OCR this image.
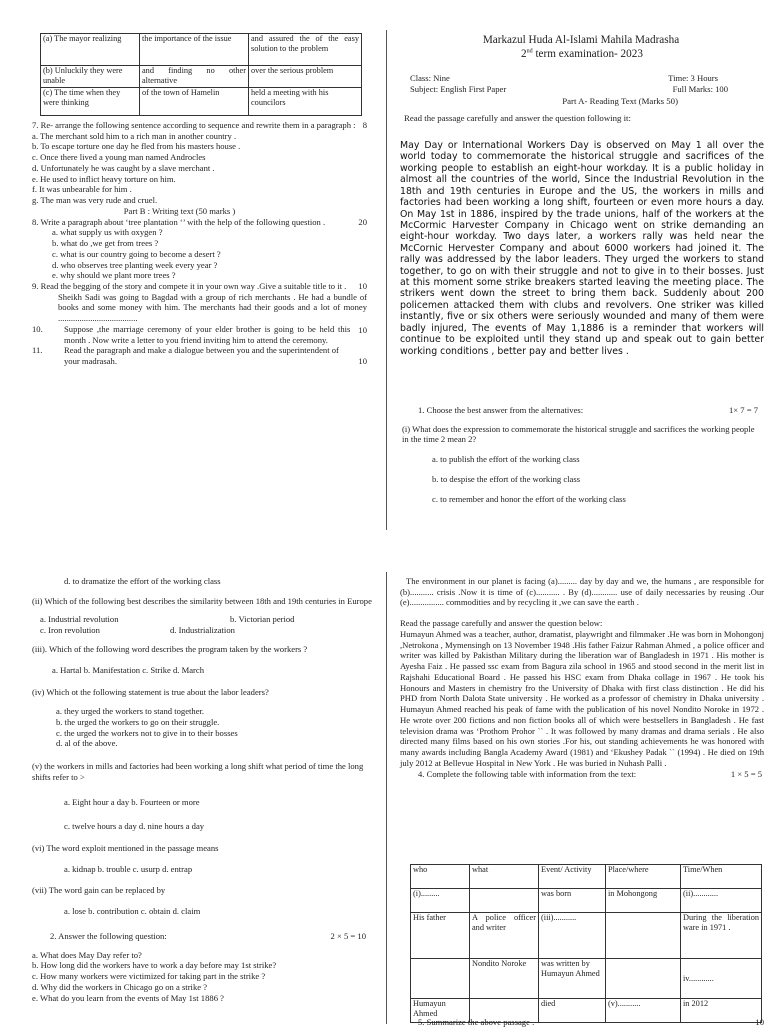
(a) The mayor realizing	the importance of the issue	and assured the of the easy solution to the problem
(b) Unluckily they were unable	and finding no other alternative	over the serious problem
(c) The time when they were thinking	of the town of Hamelin	held a meeting with his councilors

7. Re- arrange the following sentence according to sequence and rewrite them in a paragraph : 8

a. The merchant sold him to a rich man in another country .

b. To escape torture one day he fled from his masters house .

c. Once there lived a young man named Androcles

d. Unfortunately he was caught by a slave merchant .

e. He used to inflict heavy torture on him.

f. It was unbearable for him .

g. The man was very rude and cruel.

Part B : Writing text (50 marks )

8. Write a paragraph about ‘tree plantation ‘’ with the help of the following question .	20

a. what supply us with oxygen ?

b. what do ,we get from trees ?

c. what is our country going to become a desert ?

d. who observes tree planting week every year ?

e. why should we plant more trees ?

9. Read the begging of the story and compete it in your own way .Give a suitable title to it . 10

Sheikh Sadi was going to Bagdad with a group of rich merchants . He had a bundle of books and some money with him. The merchants had their goods and a lot of money .....................................

10.	Suppose ,the marriage ceremony of your elder brother is going to be held this month . Now write a letter to you friend inviting him to attend the ceremony.
10
11.	Read the paragraph and make a dialogue between you and the superintendent of your madrasah.	10

Markazul Huda Al-Islami Mahila Madrasha

2nd term examination- 2023

Class: Nine	Time: 3 Hours
Subject: English First Paper	Full Marks: 100

Part A- Reading Text (Marks 50)

Read the passage carefully and answer the question following it:

May Day or International Workers Day is observed on May 1 all over the world today to commemorate the historical struggle and sacrifices of the working people to establish an eight-hour workday. It is a public holiday in almost all the countries of the world, Since the Industrial Revolution in the 18th and 19th centuries in Europe and the US, the workers in mills and factories had been working a long shift, fourteen or even more hours a day. On May 1st in 1886, inspired by the trade unions, half of the workers at the McCormic Harvester Company in Chicago went on strike demanding an eight-hour workday. Two days later, a workers rally was held near the McCornic Hervester Company and about 6000 workers had joined it. The rally was addressed by the labor leaders. They urged the workers to stand together, to go on with their struggle and not to give in to their bosses. Just at this moment some strike breakers started leaving the meeting place. The strikers went down the street to bring them back. Suddenly about 200 policemen attacked them with clubs and revolvers. One striker was killed instantly, five or six others were seriously wounded and many of them were badly injured, The events of May 1,1886 is a reminder that workers will continue to be exploited until they stand up and speak out to gain better working conditions , better pay and better lives .
1. Choose the best answer from the alternatives:	1× 7 = 7

(i) What does the expression to commemorate the historical struggle and sacrifices the working people in the time 2 mean 2?

a. to publish the effort of the working class

b. to despise the effort of the working class

c. to remember and honor the effort of the working class

d. to dramatize the effort of the working class

(ii) Which of the following best describes the similarity between 18th and 19th centuries in Europe

a. Industrial revolution	b. Victorian period
c. Iron revolution	d. Industrialization

(iii). Which of the following word describes the program taken by the workers ?

a. Hartal b. Manifestation c. Strike d. March

(iv) Which ot the following statement is true about the labor leaders?

a. they urged the workers to stand together.

b. the urged the workers to go on their struggle.

c. the urged the workers not to give in to their bosses

d. al of the above.

(v) the workers in mills and factories had been working a long shift what period of time the long shifts refer to >

a. Eight hour a day b. Fourteen or more

c. twelve hours a day d. nine hours a day

(vi) The word exploit mentioned in the passage means

a. kidnap b. trouble c. usurp d. entrap

(vii) The word gain can be replaced by

a. lose b. contribution c. obtain d. claim

2. Answer the following question:	2 × 5 = 10

a. What does May Day refer to?

b. How long did the workers have to work a day before may 1st strike?

c. How many workers were victimized for taking part in the strike ?

d. Why did the workers in Chicago go on a strike ?

e. What do you learn from the events of May 1st 1886 ?

The environment in our planet is facing (a)......... day by day and we, the humans , are responsible for (b)........... crisis .Now it is time of (c)........... . By (d)............ use of daily necessaries by reusing .Our (e)................ commodities and by recycling it ,we can save the earth .

Read the passage carefully and answer the question below:

Humayun Ahmed was a teacher, author, dramatist, playwright and filmmaker .He was born in Mohongonj ,Netrokona , Mymensingh on 13 November 1948 .His father Faizur Rahman Ahmed , a police officer and writer was killed by Pakisthan Military during the liberation war of Bangladesh in 1971 . His mother is Ayesha Faiz . He passed ssc exam from Bagura zila school in 1965 and stood second in the merit list in Rajshahi Educational Board . He passed his HSC exam from Dhaka collage in 1967 . He took his Honours and Masters in chemistry fro the University of Dhaka with first class distinction . He did his PHD from North Dalota State university . He worked as a professor of chemistry in Dhaka university . Humayun Ahmed reached his peak of fame with the publication of his novel Nondito Noroke in 1972 . He wrote over 200 fictions and non fiction books all of which were bestsellers in Bangladesh . He fast television drama was ‘Prothom Prohor `` . It was followed by many dramas and drama serials . He also directed many films based on his own stories .For his, out standing achievements he was honored with many awards including Bangla Academy Award (1981) and ‘Ekushey Padak `` (1994) . He died on 19th july 2012 at Bellevue Hospital in New York . He was buried in Nuhash Palli .

4. Complete the following table with information from the text:	1 × 5 = 5
who	what	Event/ Activity	Place/where	Time/When
(i).........		was born	in Mohongong	(ii)............
His father	A police officer and writer	(iii)...........		During the liberation ware in 1971 .
	Nondito Noroke	was written by Humayun Ahmed		iv............
Humayun Ahmed		died	(v)...........	in 2012
5. Summarize the above passage .	10
